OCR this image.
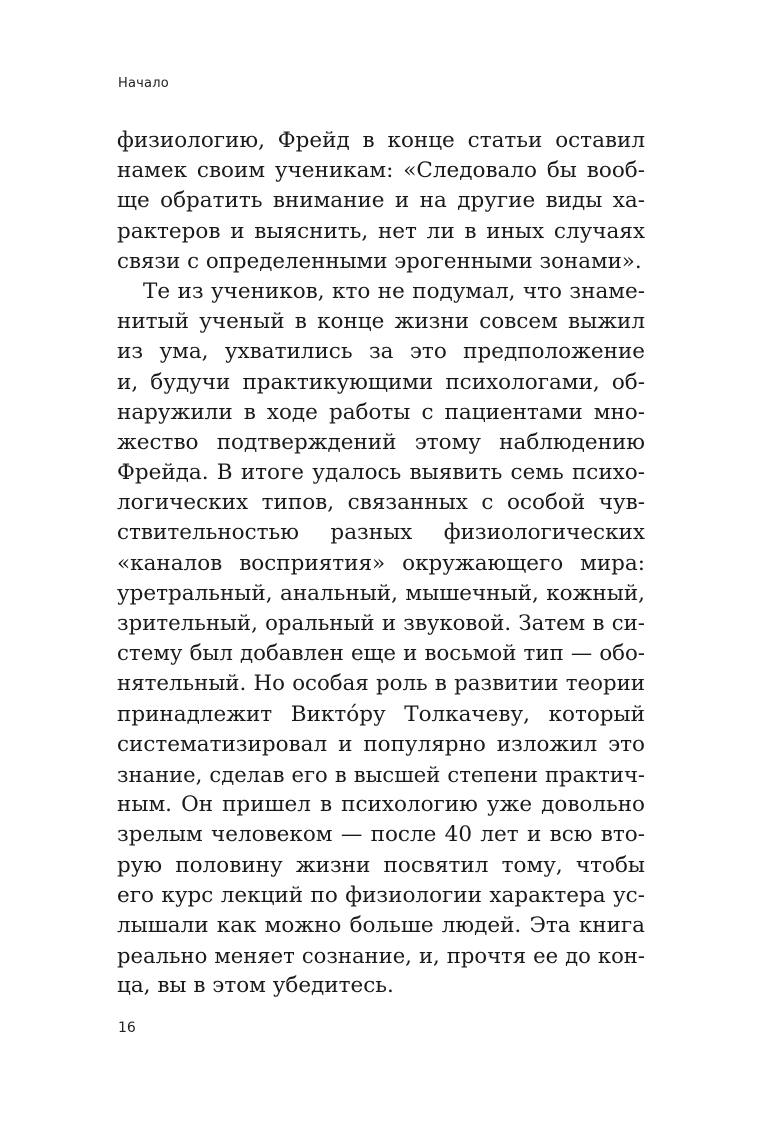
Начало
физиологию, Фрейд в конце статьи оставил
намек своим ученикам: «Следовало бы вооб-
ще обратить внимание и на другие виды ха-
рактеров и выяснить, нет ли в иных случаях
связи с определенными эрогенными зонами».
Те из учеников, кто не подумал, что знаме-
нитый ученый в конце жизни совсем выжил
из ума, ухватились за это предположение
и, будучи практикующими психологами, об-
наружили в ходе работы с пациентами мно-
жество подтверждений этому наблюдению
Фрейда. В итоге удалось выявить семь психо-
логических типов, связанных с особой чув-
ствительностью разных физиологических
«каналов восприятия» окружающего мира:
уретральный, анальный, мышечный, кожный,
зрительный, оральный и звуковой. Затем в си-
стему был добавлен еще и восьмой тип — обо-
нятельный. Но особая роль в развитии теории
принадлежит Виктóру Толкачеву, который
систематизировал и популярно изложил это
знание, сделав его в высшей степени практич-
ным. Он пришел в психологию уже довольно
зрелым человеком — после 40 лет и всю вто-
рую половину жизни посвятил тому, чтобы
его курс лекций по физиологии характера ус-
лышали как можно больше людей. Эта книга
реально меняет сознание, и, прочтя ее до кон-
ца, вы в этом убедитесь.
16
